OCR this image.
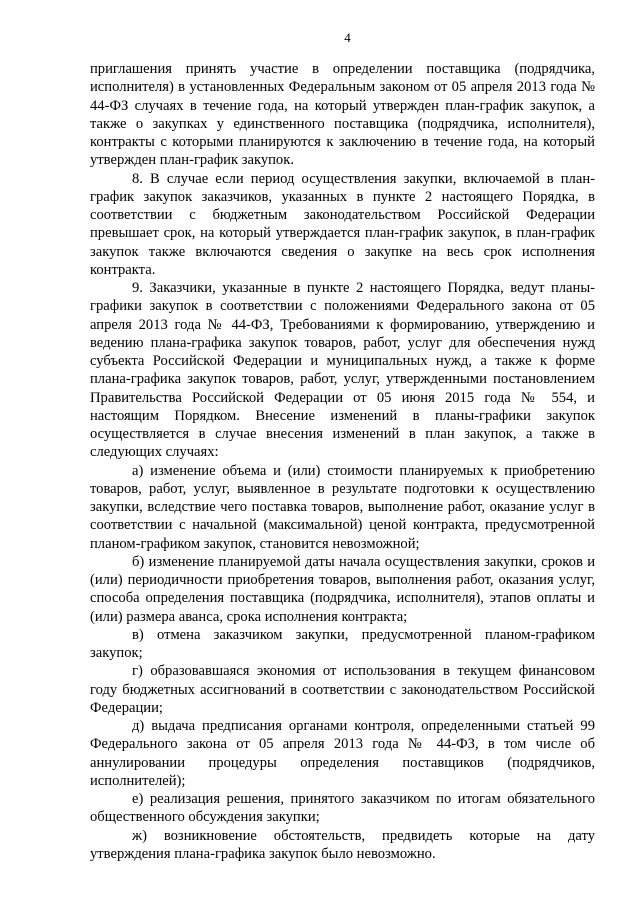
4

приглашения принять участие в определении поставщика (подрядчика, исполнителя) в установленных Федеральным законом от 05 апреля 2013 года № 44-ФЗ случаях в течение года, на который утвержден план-график закупок, а также о закупках у единственного поставщика (подрядчика, исполнителя), контракты с которыми планируются к заключению в течение года, на который утвержден план-график закупок.

8. В случае если период осуществления закупки, включаемой в план-график закупок заказчиков, указанных в пункте 2 настоящего Порядка, в соответствии с бюджетным законодательством Российской Федерации превышает срок, на который утверждается план-график закупок, в план-график закупок также включаются сведения о закупке на весь срок исполнения контракта.

9. Заказчики, указанные в пункте 2 настоящего Порядка, ведут планы-графики закупок в соответствии с положениями Федерального закона от 05 апреля 2013 года № 44-ФЗ, Требованиями к формированию, утверждению и ведению плана-графика закупок товаров, работ, услуг для обеспечения нужд субъекта Российской Федерации и муниципальных нужд, а также к форме плана-графика закупок товаров, работ, услуг, утвержденными постановлением Правительства Российской Федерации от 05 июня 2015 года № 554, и настоящим Порядком. Внесение изменений в планы-графики закупок осуществляется в случае внесения изменений в план закупок, а также в следующих случаях:

а) изменение объема и (или) стоимости планируемых к приобретению товаров, работ, услуг, выявленное в результате подготовки к осуществлению закупки, вследствие чего поставка товаров, выполнение работ, оказание услуг в соответствии с начальной (максимальной) ценой контракта, предусмотренной планом-графиком закупок, становится невозможной;

б) изменение планируемой даты начала осуществления закупки, сроков и (или) периодичности приобретения товаров, выполнения работ, оказания услуг, способа определения поставщика (подрядчика, исполнителя), этапов оплаты и (или) размера аванса, срока исполнения контракта;

в) отмена заказчиком закупки, предусмотренной планом-графиком закупок;

г) образовавшаяся экономия от использования в текущем финансовом году бюджетных ассигнований в соответствии с законодательством Российской Федерации;

д) выдача предписания органами контроля, определенными статьей 99 Федерального закона от 05 апреля 2013 года № 44-ФЗ, в том числе об аннулировании процедуры определения поставщиков (подрядчиков, исполнителей);

е) реализация решения, принятого заказчиком по итогам обязательного общественного обсуждения закупки;

ж) возникновение обстоятельств, предвидеть которые на дату утверждения плана-графика закупок было невозможно.
